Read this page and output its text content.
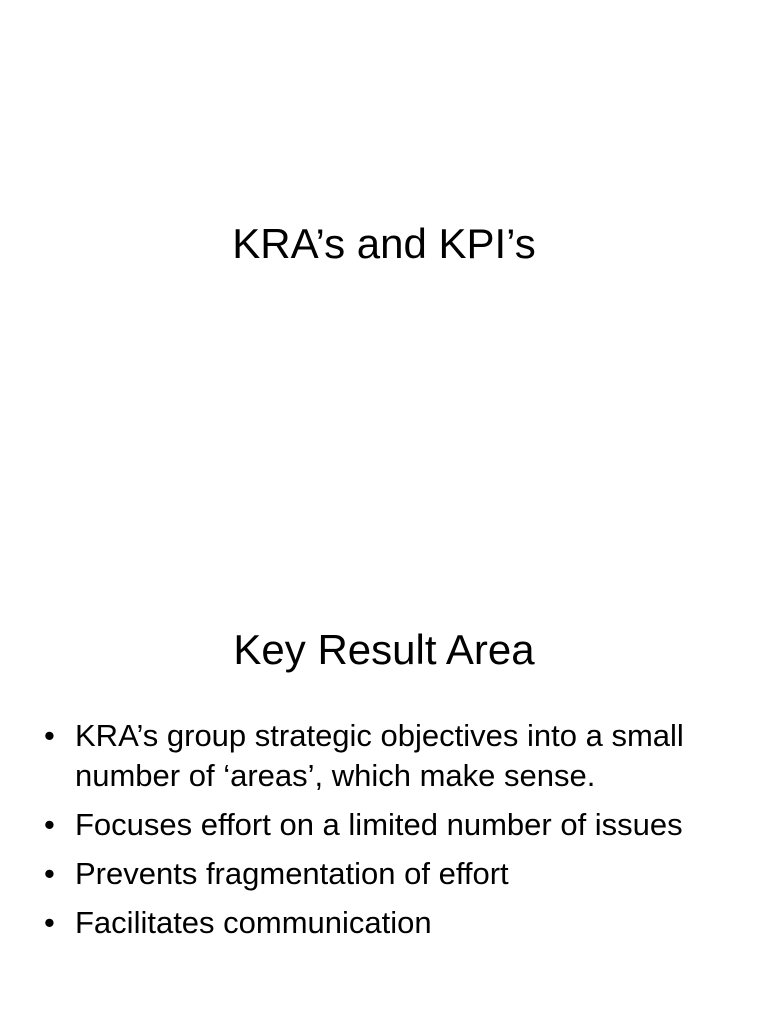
KRA’s and KPI’s
Key Result Area
• KRA’s group strategic objectives into a small number of ‘areas’, which make sense.
• Focuses effort on a limited number of issues
• Prevents fragmentation of effort
• Facilitates communication
